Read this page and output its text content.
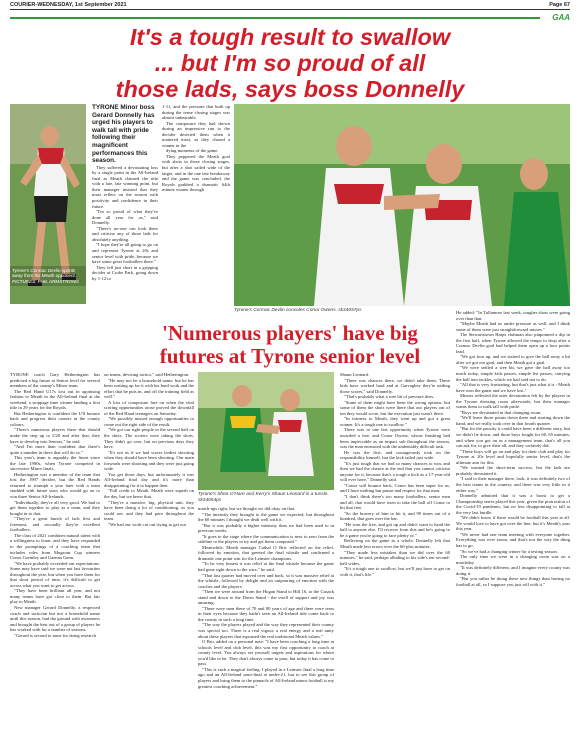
COURIER-WEDNESDAY, 1st September 2021	Page 67
GAA
It's a tough result to swallow
... but I'm so proud of all
those lads, says boss Donnelly
Tyrone's Cormac Devlin sprints away from his Meath opponent. PICTURES: PHIL ARMSTRONG

TYRONE Minor boss Gerard Donnelly has urged his players to walk tall with pride following their magnificent performances this season.

They suffered a devastating loss by a single point in the All-Ireland final as Meath claimed the title with a late, late winning point, but their manager insisted that they must reflect on the season with positivity and confidence in their future.

"I'm so proud of what they've done all year for us," said Donnelly.

"There's no-one can look there and criticise any of those lads for absolutely anything.

"I hope they're all going to go on and represent Tyrone at 20s and senior level with pride, because we have some great footballers there."

They fell just short in a gripping decider at Croke Park, going down by 1-12 to

Tyrone's Cormac Devlin consoles Conor Owens. sk34057ps

1-11, and the pressure that built up during the tense closing stages was almost unbearable.

The composure they had shown during an impressive run to the decider deserted them when it mattered most, as they chased a winner in the

dying moments of the game.

They peppered the Meath goal with shots in those closing stages, but after a shot sailed wide of the target, and in the one late breakaway and the game was concluded, the Royals grabbed a dramatic 64th minute winner through

'Numerous players' have big
futures at Tyrone senior level

TYRONE coach Gary Hetherington has predicted a big future at Senior level for several members of the county's Minor team.

The Red Hand U17s lost out in agonising fashion to Meath in the All-Ireland final at the weekend, a stoppage time winner landing a first title in 29 years for the Royals.

But Hetherington is confident the U'll bounce back and progress their careers in the county colours.

"There's numerous players there that should make the step up to U20 and after that, they have to develop into Seniors," he said.

"And I'm more than confident that there's quite a number in there that will do so."

This year's team is arguably the finest since the late 1990s, when Tyrone competed in successive Minor finals.

Hetherington was a member of the team that lost the 1997 decider, but the Red Hands returned to triumph a year later with a team studded with future stars who would go on to win three Senior All-Irelands.

"Individually, they're all very good. We had to get them together to play as a team, and they bought in to that.

"They're a great bunch of lads first and foremost, and secondly they're excellent footballers.

The class of 2021 combines natural talent with a willingness to learn, and they have responded to the promptings of a coaching team that includes roles from Mugsonr Cup winners Conor Gormley and Gaenna Genn.

"We have probably exceeded our expectations. Some may have said we were not last favourites throughout the year, but when you have them for that short period of time, it's difficult to get across what you want to get across.

"They have been brilliant all year, and not many teams have got close to them. But fair play to Meath.

New manager Gerard Donnelly, a respected coach and tactician but not a household name until this season, had the ground with awareness and brought the best out of a group of players he has worked with for a number of seasons.

"Gerard is second to none for doing research

on teams, devising tactics," said Hetherington.

"He may not be a household name, but he has been waiting up for it with his hard work and the effort that he puts in, and off the training field as well."

A loss of composure fare on when the vital scoring opportunities arose proved the downfall of the Red Hand teenagers on Saturday.

"We possibly missed enough opportunities to come out the right side of the result.

"We got our right people in the second half on the shots. The scorers were taking the shots. They didn't go over, but on previous days they have.

"It's not as if we had scorer bodies shooting when they should have been shooting. Our main forwards were shooting and they were just going wide.

You get those days, but unfortunately it was All-Ireland final day and it's more than disappointing for it to happen then.

"Full credit to Meath. Meath were superb on the day, but we knew that.

"They're a massive, big, physical unit, they have been doing a lot of conditioning, as you could see, and they had pace throughout the team.

"We had our work cut out trying to get our

Tyrone's Shea O'Hare and Kerry's Shaun Leonard in a tussle. sk34054ps

match-ups right, but we thought we did okay on that.

"The intensity they brought to the game we expected, but throughout the 60 minutes I thought we dealt well with it.

"But it was probably a higher intensity than we had been used to in previous weeks.

"It goes to the stage where the communication is next to zero from the sideline to the players to try and get them composed."

Meanwhile, Meath manager Cathal O Bric reflected on the relief, followed by emotion, that greeted the final whistle and confirmed a dramatic one point win for the Leinster champions.

"To be very honest it was relief at the final whistle because the game had gone right down to the wire," he said.

"That last quarter had moved over and back, so it was massive relief at the whistle, followed by delight and an outpouring of emotion with the coaches and the players.

"Then we were around from the Hogan Stand to Hill 16, to the Cusack stand and down to the Davin Stand - the swell of support and joy was amazing.

"There were men there of 70 and 80 years of age and there were tears in their eyes because they hadn't seen an All-Ireland title come back to the county in such a long time.

"The way the players played and the way they represented their county was special too. There is a real vigour, a real energy and a real unity about these players that espoused the real traditional Meath values."

O Bric added on a personal note: "I have been coaching a long time at schools level and club level, this was my first opportunity to coach at county level. You always set yourself targets and aspirations for where you'd like to be. They don't always come to pass, but today it has come to pass.

"This is such a magical feeling. I played in a Leinster final a long time ago and an All-Ireland semi-final at under-21, but to see this group of players and bring them to the pinnacle of All-Ireland minor football is my greatest coaching achievement."

Shaun Leonard.

"There was chances there, we didn't take them. These kids have worked hard and at Garvaghey they're nailing those scores," said Donnelly.

"That's probably what a wee bit of pressure does.

"Some of them might have been the wrong options, but some of them the shots were there that our players out of ten they would score, but the execution just wasn't there.

"In fairness to Meath, they went up and got a great winner. It's a tough one to swallow."

There was to one last opportunity when Tyrone were awarded a free, and Conor Owens, whose finishing had been impeccable as an impact sub throughout the season, was the man entrusted with the undeniably difficult task.

He was the first, and courageously took on the responsibility himself, but the kick tailed just wide.

"It's just tough that we had so many chances to win, and then we had the chance at the end that you cannot criticise anyone for it, because that's a tough a kick as a 17-year-old will ever have," Donnelly said.

"Conor will bounce back, Conor has been super for us, and I have nothing but praise and respect for that man.

"I don't think there's too many footballers, senior men and all, that would have risen to take the ball off Conor to hit that free.

"So the bravery of him to hit it, and 99 times out of a hundred, that goes over the bar.

"He won the free, and got up and didn't want to hand the ball to anyone else. I'll recover from this and he's going to be a game you're going to face plenty of."

Reflecting on the game as a whole, Donnelly felt that Meath made less errors over the 60-plus minutes.

"They made less mistakes than we did over the 60 minutes," he said, perhaps alluding to his side's ten second-half wides.

"It's a tough one to swallow, but we'll just have to get on with it, that's life."

He added: "In Tullamore last week, tougher shots were going over than that.

"Maybe Meath had us under pressure as well, and I think some of them were just straightforward misses."

The Stewartstown Harps clubman also pinpointed a dip in the first half, when Tyrone allowed the tempo to drop after a Cormac Devlin goal had helped them open up a four points lead.

"We got four up, and we started to give the ball away a bit after we got our goal, and then Meath got a goal.

"We were settled a wee bit, we gave the ball away too much today, simple kick passes, simple fist passes, carrying the ball into tackles, which we had said not to do.

"All that is very frustrating, but that's just what it is - Meath have won the game and we have lost."

Minors reflected the utter devastation felt by the players in the Tyrone dressing room afterwards, but their manager wants them to walk tall with pride.

"Boys are devastated in that changing room.

"We'll leave those points down there and starting down the hand, and we really took over in that fourth quarter.

"But for the paucity it could have been a different story, but we didn't lie down, and those boys fought for 60, 65 minutes, and when you got on as a management team, that's all you can ask for, to give their all, and they certainly did.

"These boys will go on and play for their club and play for Tyrone at 20s level and hopefully senior level, that's the ultimate aim for this.

"We wanted the short-term success, but the lads are probably devastated it.

"I said to their manager there, look, it was definitely two of the best teams in the country, and there was very little in it either way."

Donnelly admitted that it was a boost to get a Championship series played this year, given the protraction of the Covid-19 pandemic, but no less disappointing to fall at the very last hurdle.

"We didn't know if there would be football this year at all. We would love to have got over the line, but it's Meath's year this year.

"We never had one team meeting with everyone together. Everything was over zoom, and that's not the way the thing has to go.

"So we've had a changing winter for a testing season.

The only time we were in a changing room was on a matchday.

"It was definitely different, and I imagine every county was doing it.

"But you rather be doing these new things than having no football at all, so I suppose you just roll with it."
